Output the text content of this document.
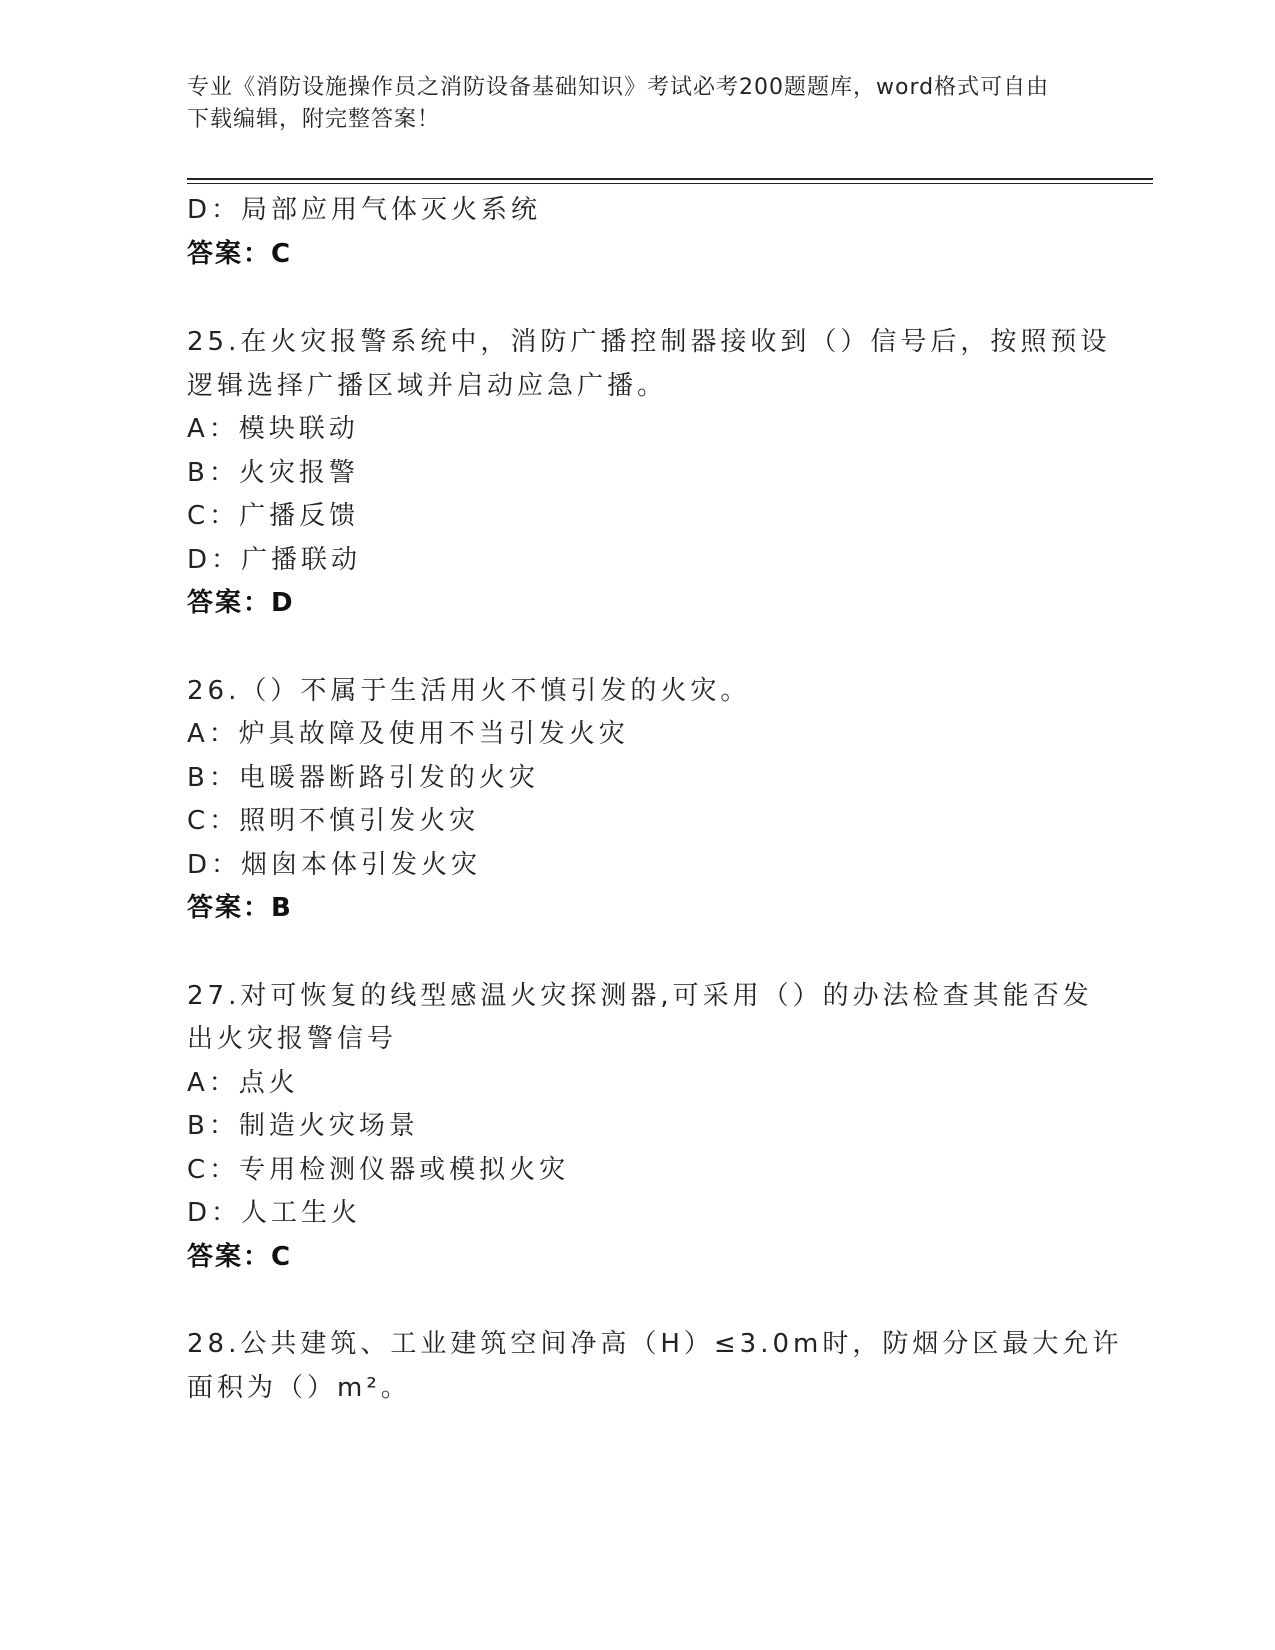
专业《消防设施操作员之消防设备基础知识》考试必考200题题库，word格式可自由下载编辑，附完整答案！
D：局部应用气体灭火系统
答案：C
25.在火灾报警系统中，消防广播控制器接收到（）信号后，按照预设
逻辑选择广播区域并启动应急广播。
A：模块联动
B：火灾报警
C：广播反馈
D：广播联动
答案：D
26.（）不属于生活用火不慎引发的火灾。
A：炉具故障及使用不当引发火灾
B：电暖器断路引发的火灾
C：照明不慎引发火灾
D：烟囱本体引发火灾
答案：B
27.对可恢复的线型感温火灾探测器,可采用（）的办法检查其能否发
出火灾报警信号
A：点火
B：制造火灾场景
C：专用检测仪器或模拟火灾
D：人工生火
答案：C
28.公共建筑、工业建筑空间净高（H）≤3.0m时，防烟分区最大允许
面积为（）m²。
